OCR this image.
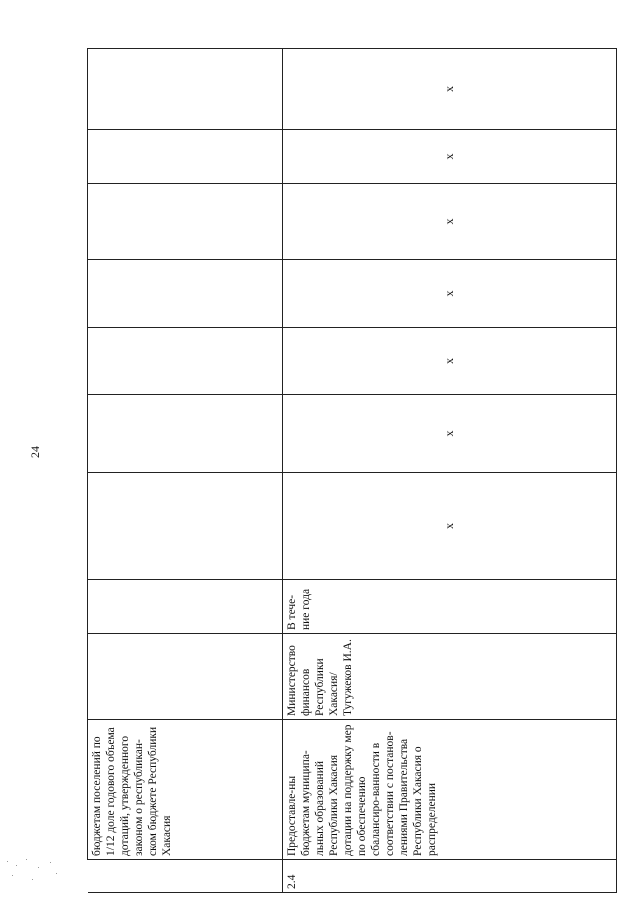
24
	бюджетам поселений по 1/12 доле годового объема дотаций, утвержденного законом о республикан-ском бюджете Республики Хакасия									
2.4	Предоставле-ны бюджетам муниципа-льных образований Республики Хакасия дотации на поддержку мер по обеспечению сбалансиро-ванности в соответствии с постанов-лениями Правительства Республики Хакасия о распределении	Министерство финансов Республики Хакасия/ Тугужеков И.А.	В тече-ние года	x	x	x	x	x	x	x
